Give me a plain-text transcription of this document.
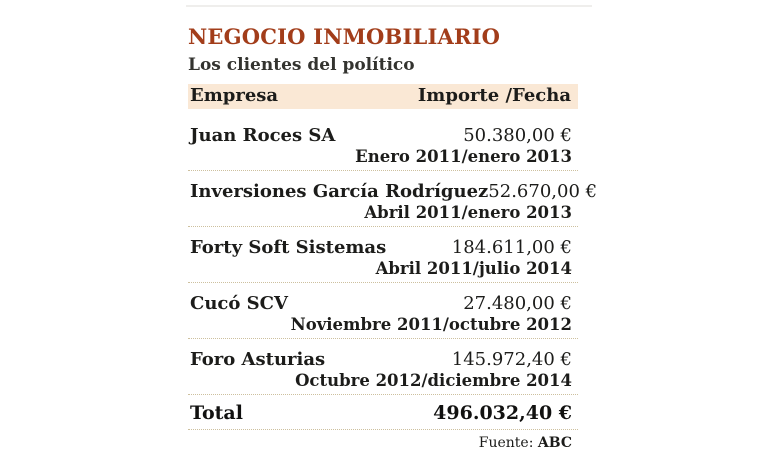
NEGOCIO INMOBILIARIO
Los clientes del político
Empresa	Importe /Fecha
Juan Roces SA	50.380,00 €
Enero 2011/enero 2013
Inversiones García Rodríguez 52.670,00 €
Abril 2011/enero 2013
Forty Soft Sistemas	184.611,00 €
Abril 2011/julio 2014
Cucó SCV	27.480,00 €
Noviembre 2011/octubre 2012
Foro Asturias	145.972,40 €
Octubre 2012/diciembre 2014
Total	496.032,40 €
Fuente: ABC
